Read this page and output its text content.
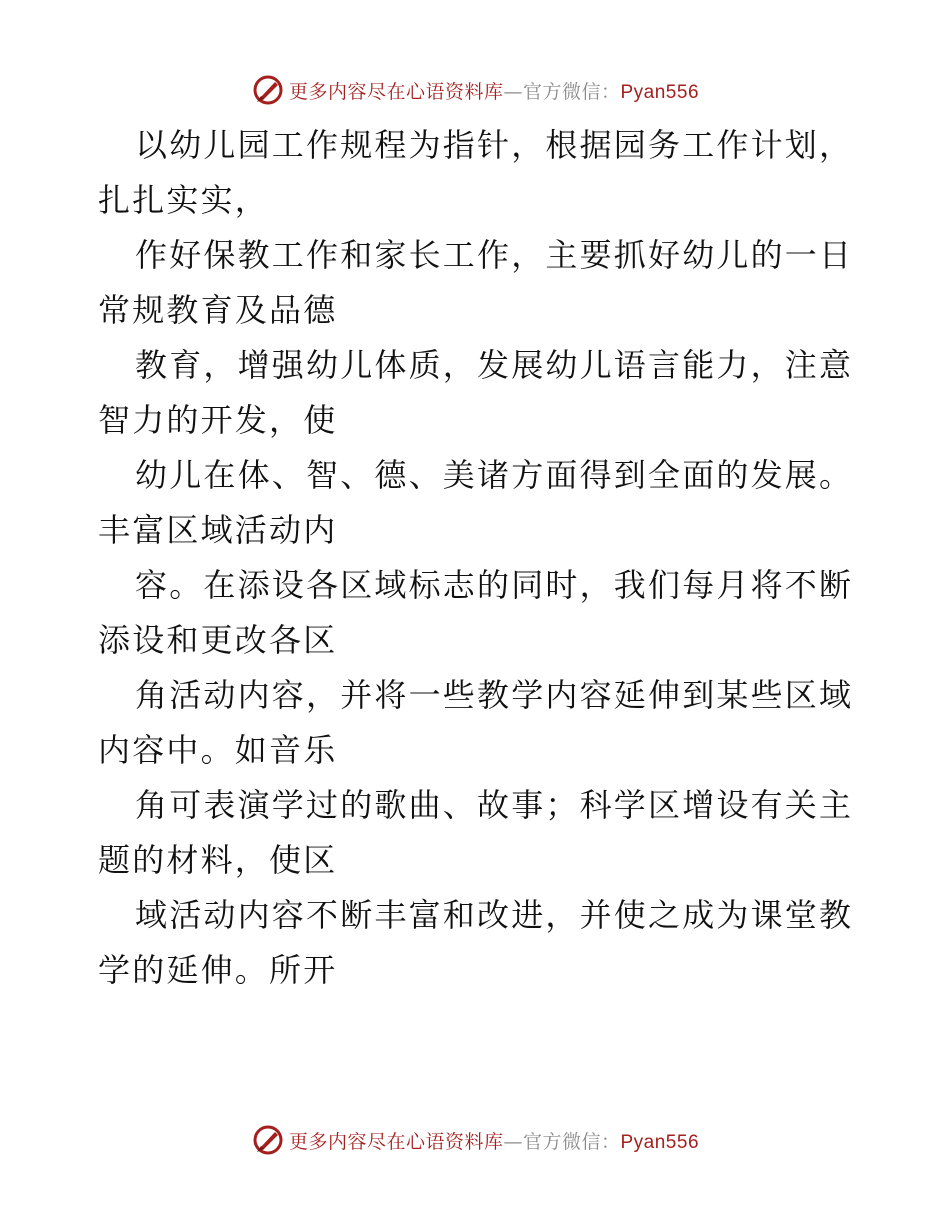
更多内容尽在心语资料库—官方微信：Pyan556
以幼儿园工作规程为指针，根据园务工作计划，
扎扎实实，
作好保教工作和家长工作，主要抓好幼儿的一日
常规教育及品德
教育，增强幼儿体质，发展幼儿语言能力，注意
智力的开发，使
幼儿在体、智、德、美诸方面得到全面的发展。
丰富区域活动内
容。在添设各区域标志的同时，我们每月将不断
添设和更改各区
角活动内容，并将一些教学内容延伸到某些区域
内容中。如音乐
角可表演学过的歌曲、故事；科学区增设有关主
题的材料，使区
域活动内容不断丰富和改进，并使之成为课堂教
学的延伸。所开
更多内容尽在心语资料库—官方微信：Pyan556
